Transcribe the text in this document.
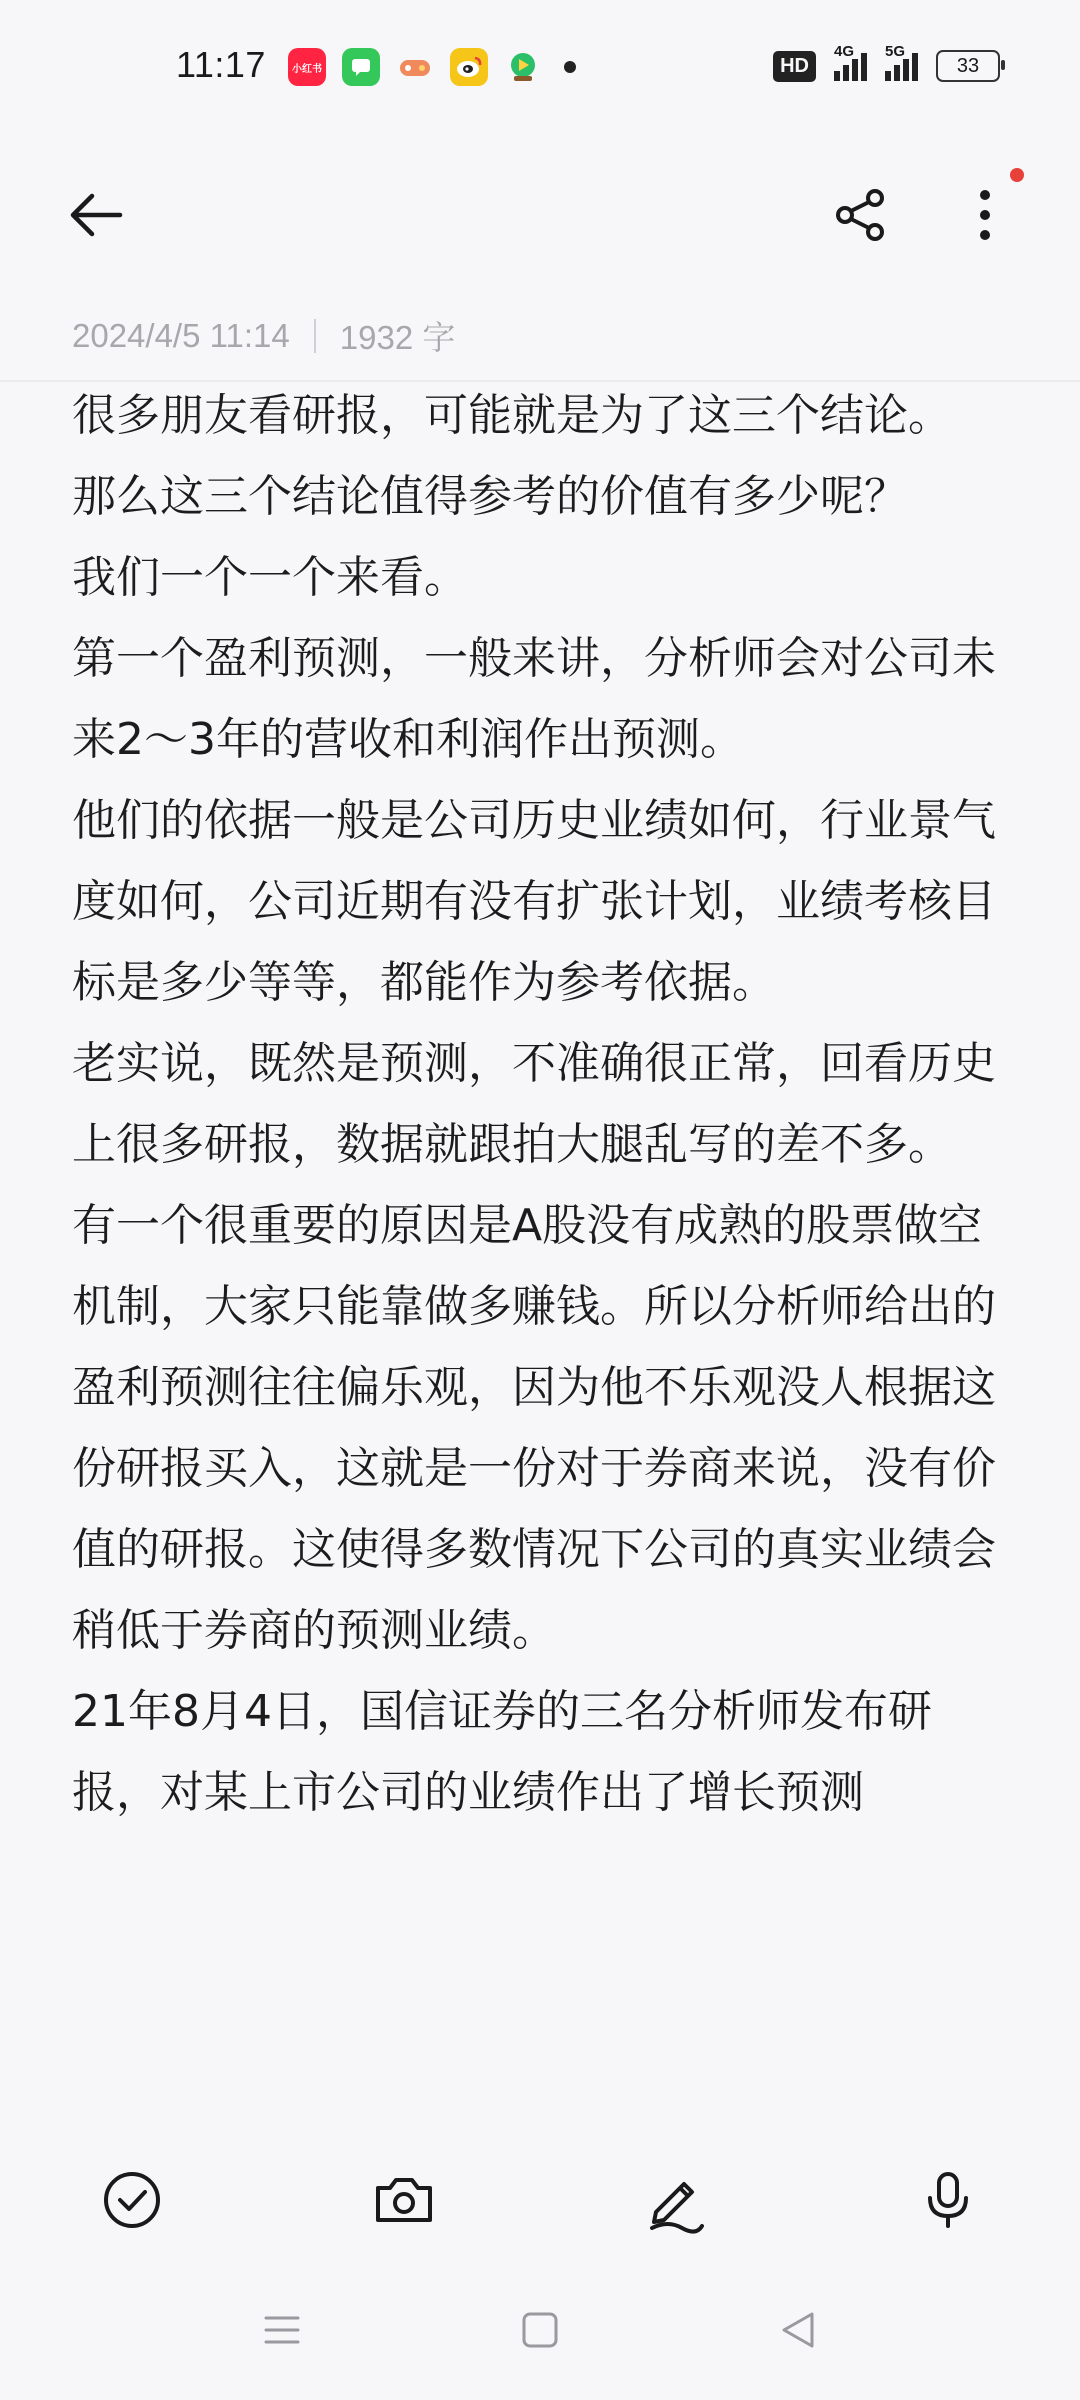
11:17	小红书	HD
4G 5G
33
2024/4/5 11:14 1932 字

很多朋友看研报，可能就是为了这三个结论。

那么这三个结论值得参考的价值有多少呢？

我们一个一个来看。

第一个盈利预测，一般来讲，分析师会对公司未来2～3年的营收和利润作出预测。

他们的依据一般是公司历史业绩如何，行业景气度如何，公司近期有没有扩张计划，业绩考核目标是多少等等，都能作为参考依据。

老实说，既然是预测，不准确很正常，回看历史上很多研报，数据就跟拍大腿乱写的差不多。

有一个很重要的原因是A股没有成熟的股票做空机制，大家只能靠做多赚钱。所以分析师给出的盈利预测往往偏乐观，因为他不乐观没人根据这份研报买入，这就是一份对于券商来说，没有价值的研报。这使得多数情况下公司的真实业绩会稍低于券商的预测业绩。

21年8月4日，国信证券的三名分析师发布研报，对某上市公司的业绩作出了增长预测
